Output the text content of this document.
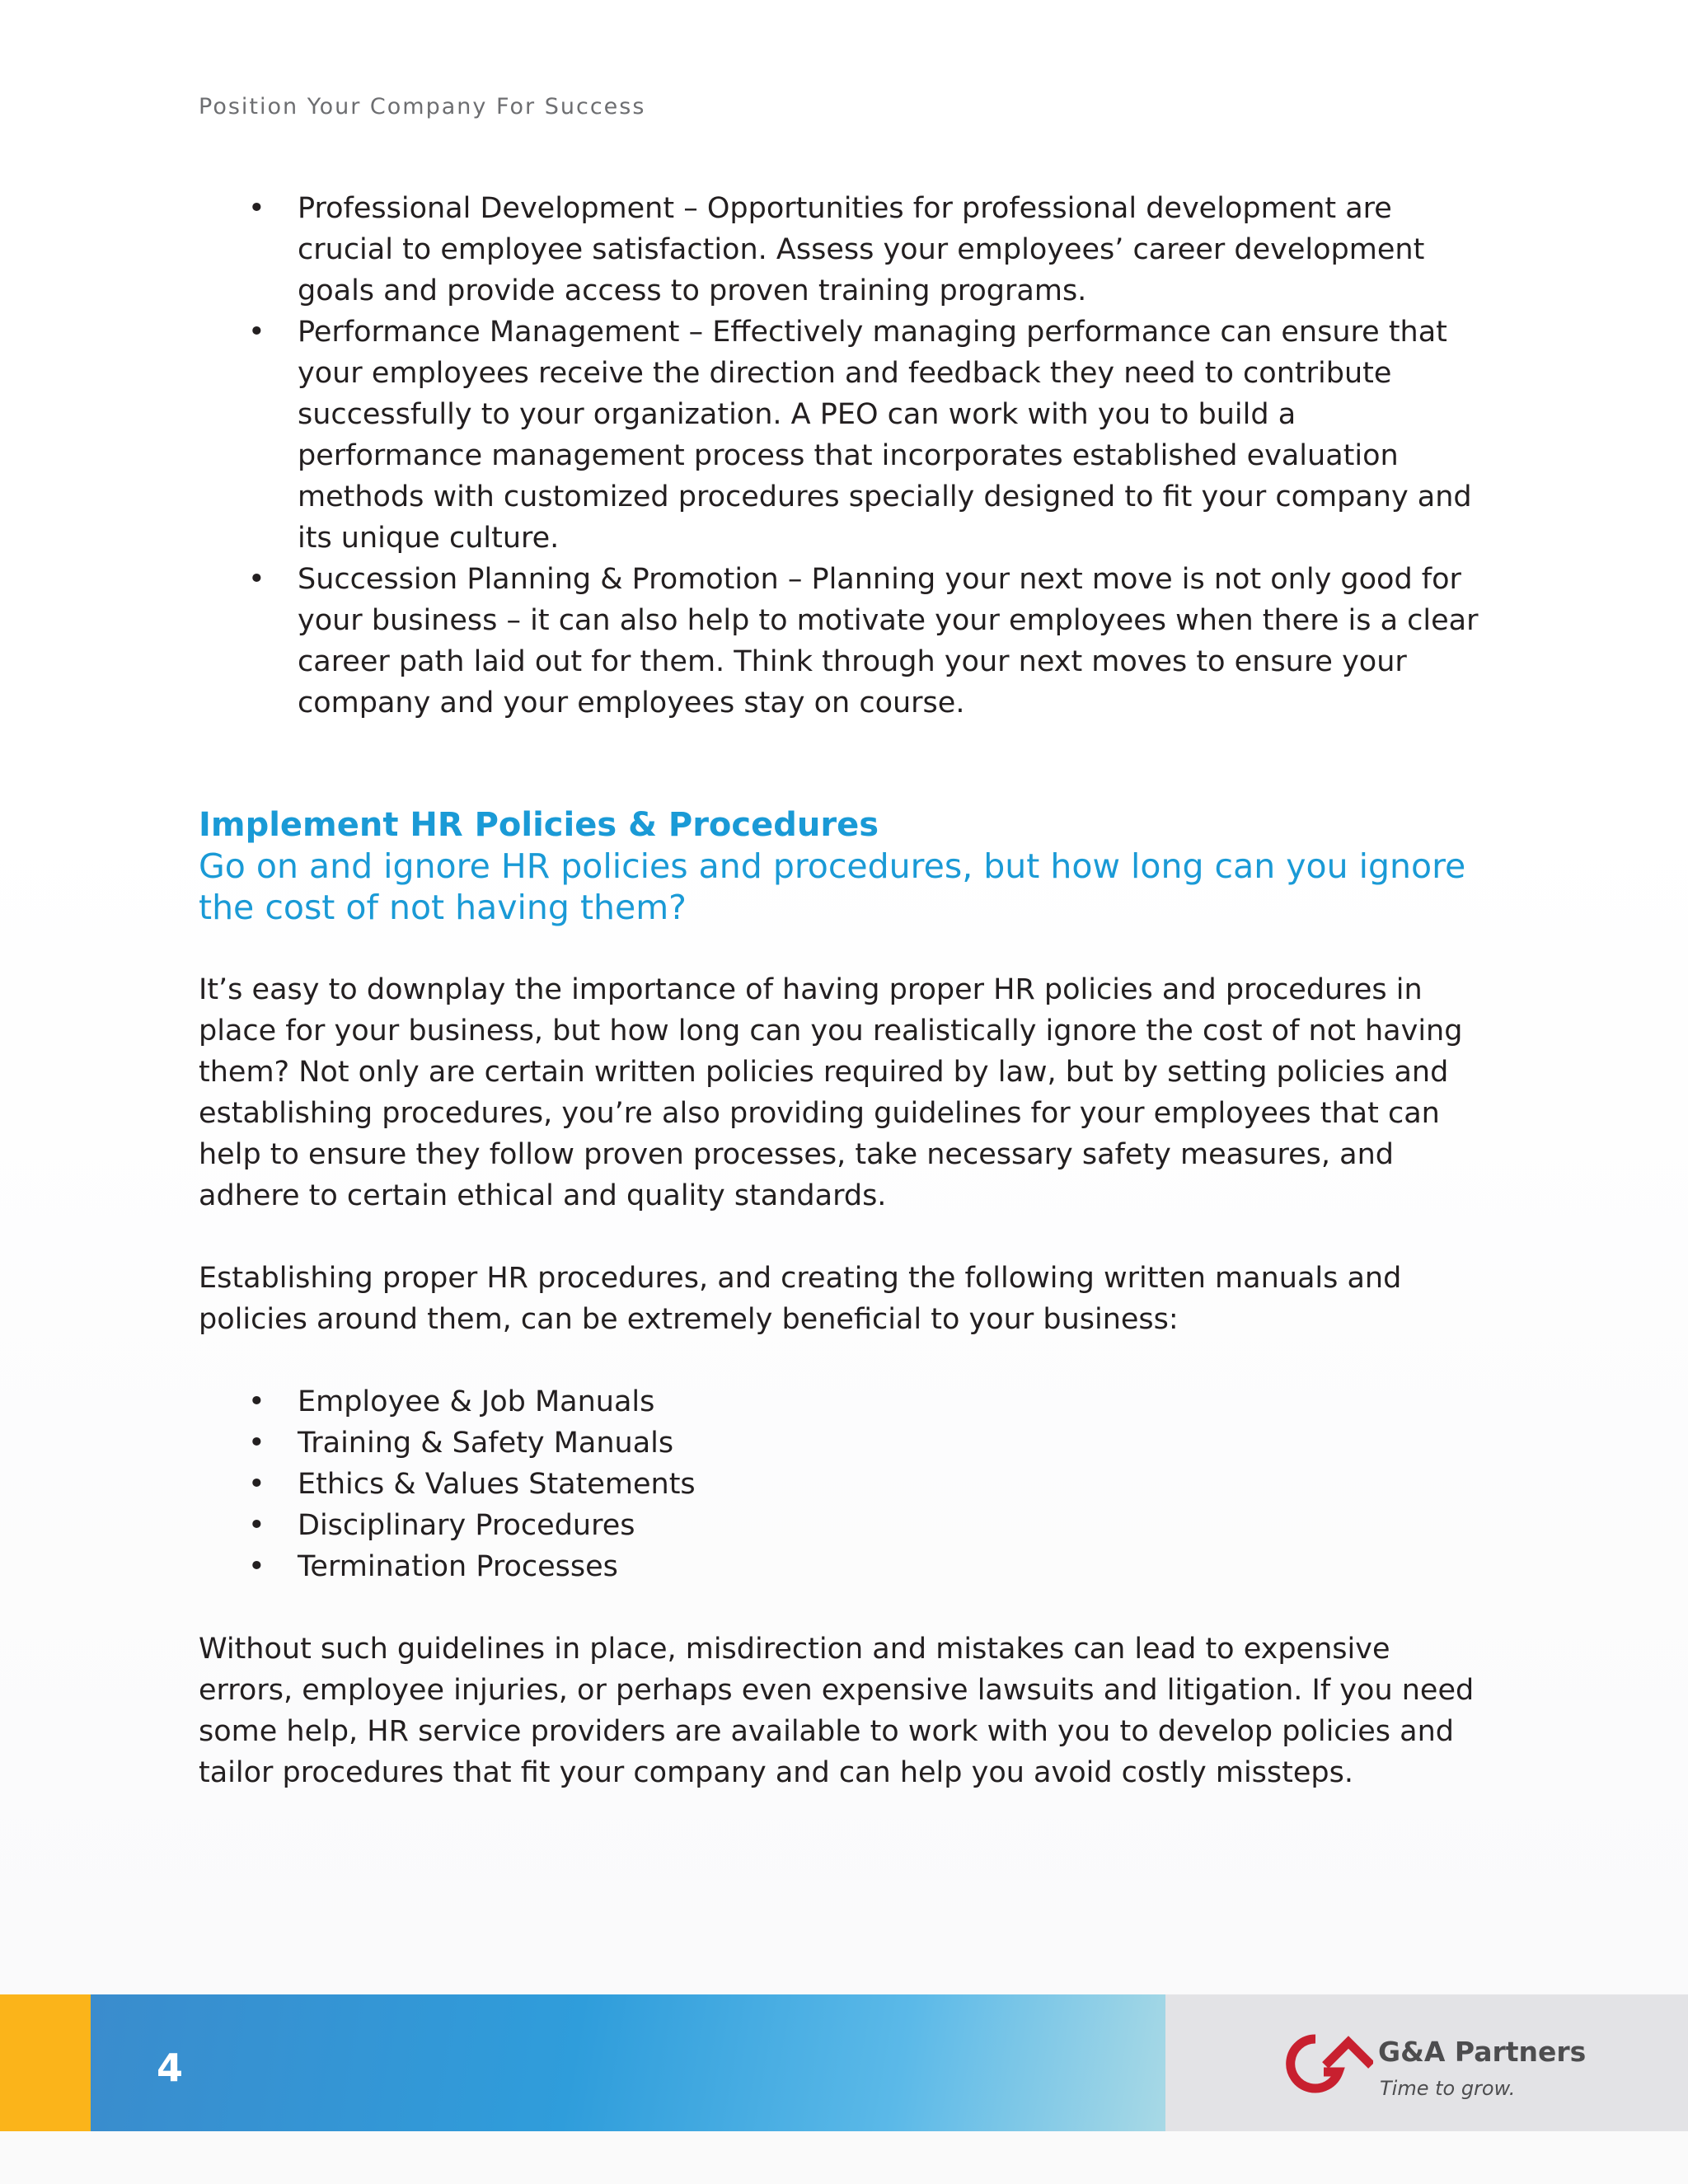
Position Your Company For Success
• Professional Development – Opportunities for professional development are crucial to employee satisfaction. Assess your employees’ career development goals and provide access to proven training programs.
• Performance Management – Effectively managing performance can ensure that your employees receive the direction and feedback they need to contribute successfully to your organization. A PEO can work with you to build a performance management process that incorporates established evaluation methods with customized procedures specially designed to fit your company and its unique culture.
• Succession Planning & Promotion – Planning your next move is not only good for your business – it can also help to motivate your employees when there is a clear career path laid out for them. Think through your next moves to ensure your company and your employees stay on course.
Implement HR Policies & Procedures
Go on and ignore HR policies and procedures, but how long can you ignore the cost of not having them?

It’s easy to downplay the importance of having proper HR policies and procedures in place for your business, but how long can you realistically ignore the cost of not having them? Not only are certain written policies required by law, but by setting policies and establishing procedures, you’re also providing guidelines for your employees that can help to ensure they follow proven processes, take necessary safety measures, and adhere to certain ethical and quality standards.

Establishing proper HR procedures, and creating the following written manuals and policies around them, can be extremely beneficial to your business:

• Employee & Job Manuals
• Training & Safety Manuals
• Ethics & Values Statements
• Disciplinary Procedures
• Termination Processes

Without such guidelines in place, misdirection and mistakes can lead to expensive errors, employee injuries, or perhaps even expensive lawsuits and litigation. If you need some help, HR service providers are available to work with you to develop policies and tailor procedures that fit your company and can help you avoid costly missteps.

4	G&A Partners
Time to grow.
